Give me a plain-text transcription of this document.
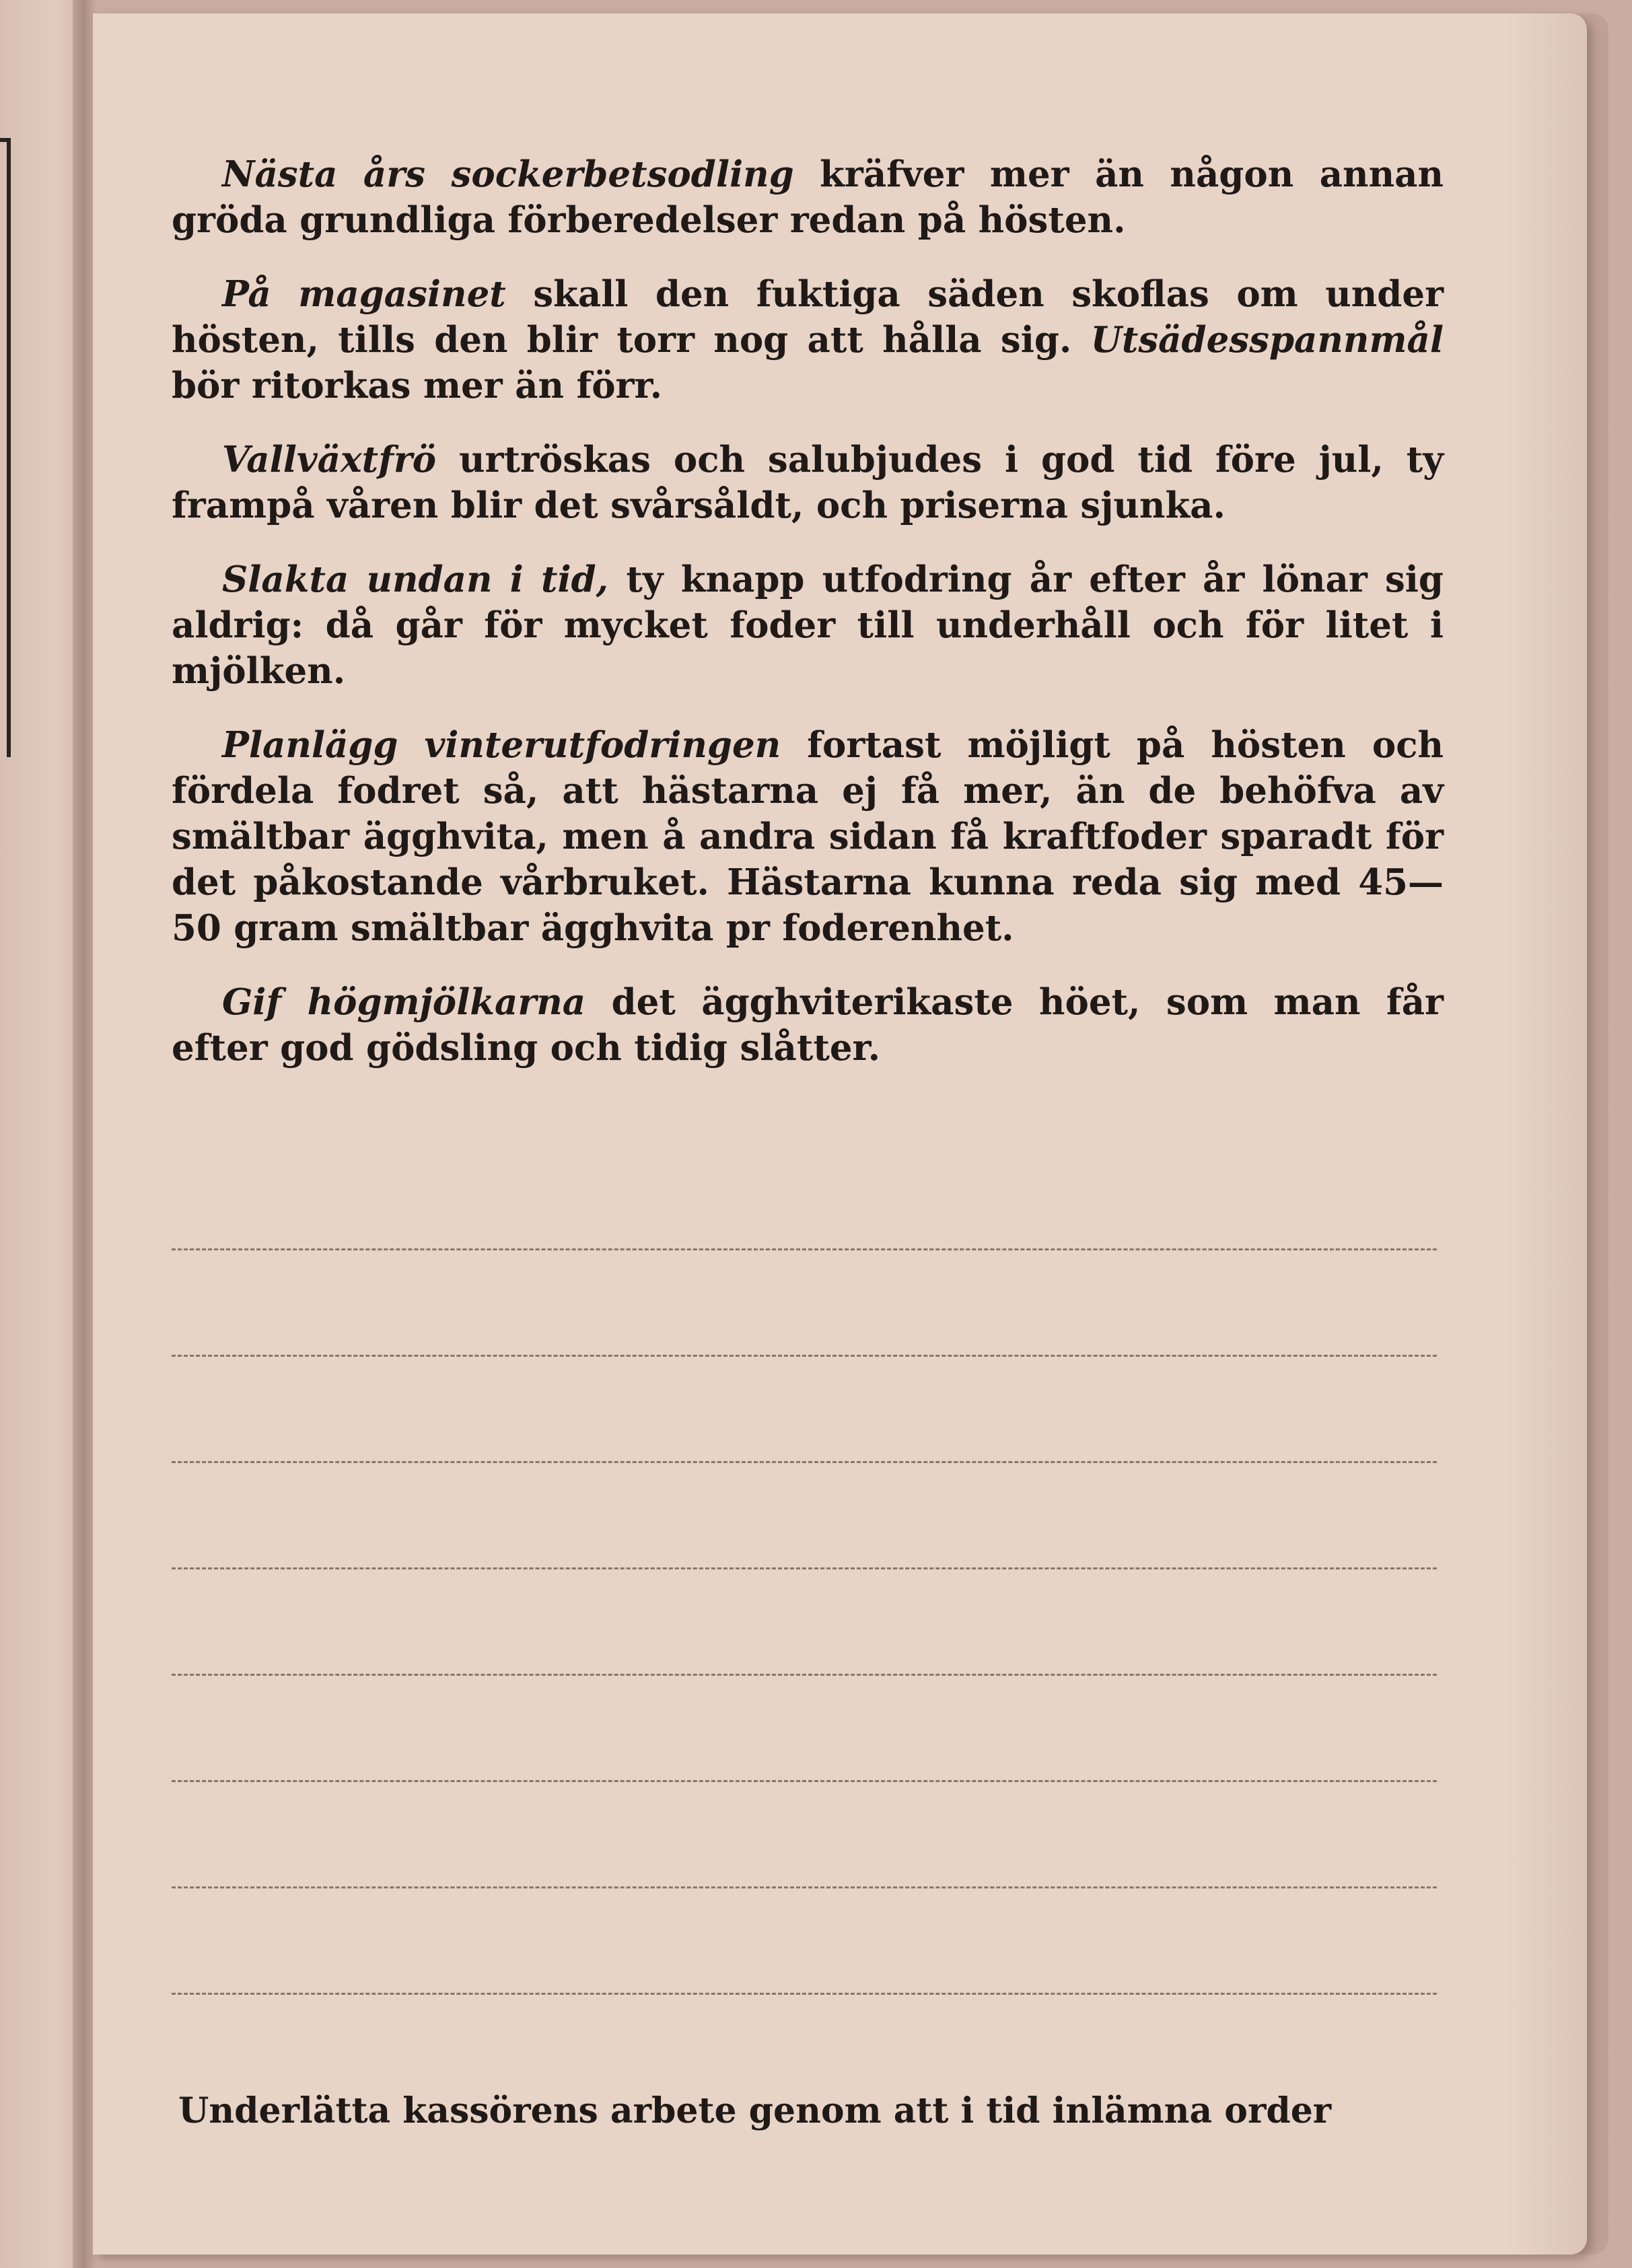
Nästa års sockerbetsodling kräfver mer än någon annan gröda grundliga förberedelser redan på hösten.

På magasinet skall den fuktiga säden skoflas om under hösten, tills den blir torr nog att hålla sig. Utsädesspannmål bör ritorkas mer än förr.

Vallväxtfrö urtröskas och salubjudes i god tid före jul, ty frampå våren blir det svårsåldt, och priserna sjunka.

Slakta undan i tid, ty knapp utfodring år efter år lönar sig aldrig: då går för mycket foder till underhåll och för litet i mjölken.

Planlägg vinterutfodringen fortast möjligt på hösten och fördela fodret så, att hästarna ej få mer, än de behöfva av smältbar ägghvita, men å andra sidan få kraftfoder sparadt för det påkostande vårbruket. Hästarna kunna reda sig med 45—50 gram smältbar ägghvita pr foderenhet.

Gif högmjölkarna det ägghviterikaste höet, som man får efter god gödsling och tidig slåtter.

Underlätta kassörens arbete genom att i tid inlämna order
